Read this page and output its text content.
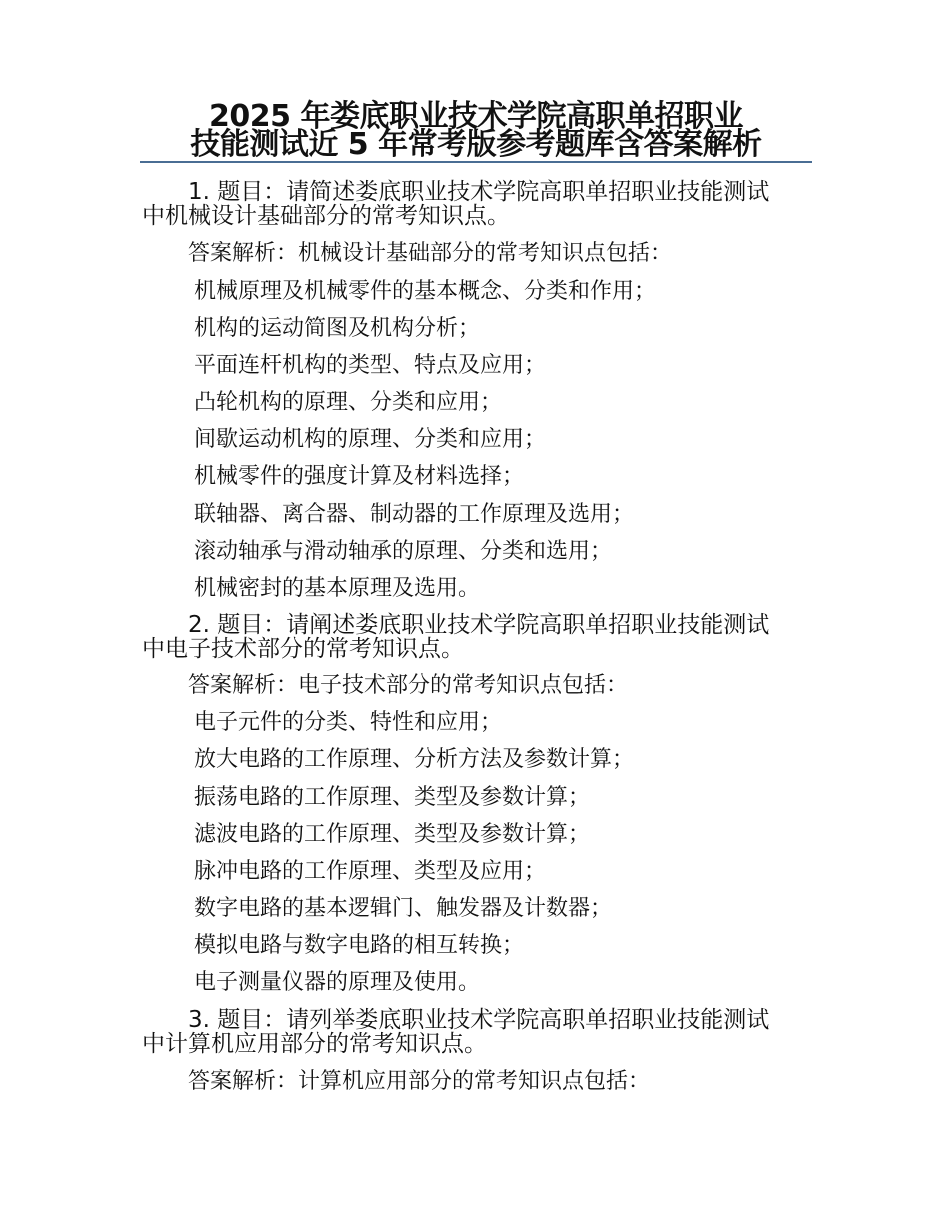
2025 年娄底职业技术学院高职单招职业
技能测试近 5 年常考版参考题库含答案解析
1. 题目：请简述娄底职业技术学院高职单招职业技能测试
中机械设计基础部分的常考知识点。
答案解析：机械设计基础部分的常考知识点包括：
机械原理及机械零件的基本概念、分类和作用；
机构的运动简图及机构分析；
平面连杆机构的类型、特点及应用；
凸轮机构的原理、分类和应用；
间歇运动机构的原理、分类和应用；
机械零件的强度计算及材料选择；
联轴器、离合器、制动器的工作原理及选用；
滚动轴承与滑动轴承的原理、分类和选用；
机械密封的基本原理及选用。
2. 题目：请阐述娄底职业技术学院高职单招职业技能测试
中电子技术部分的常考知识点。
答案解析：电子技术部分的常考知识点包括：
电子元件的分类、特性和应用；
放大电路的工作原理、分析方法及参数计算；
振荡电路的工作原理、类型及参数计算；
滤波电路的工作原理、类型及参数计算；
脉冲电路的工作原理、类型及应用；
数字电路的基本逻辑门、触发器及计数器；
模拟电路与数字电路的相互转换；
电子测量仪器的原理及使用。
3. 题目：请列举娄底职业技术学院高职单招职业技能测试
中计算机应用部分的常考知识点。
答案解析：计算机应用部分的常考知识点包括：
